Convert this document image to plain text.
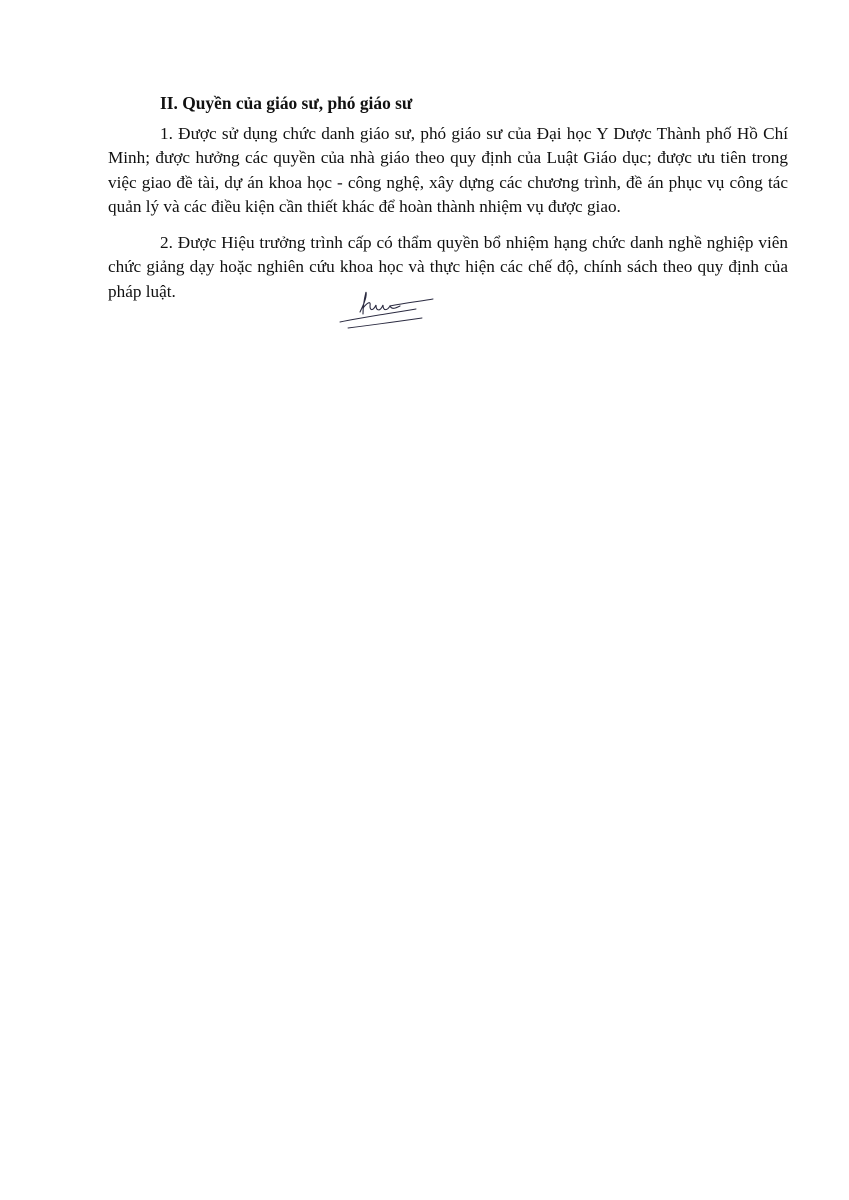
II. Quyền của giáo sư, phó giáo sư

1. Được sử dụng chức danh giáo sư, phó giáo sư của Đại học Y Dược Thành phố Hồ Chí Minh; được hưởng các quyền của nhà giáo theo quy định của Luật Giáo dục; được ưu tiên trong việc giao đề tài, dự án khoa học - công nghệ, xây dựng các chương trình, đề án phục vụ công tác quản lý và các điều kiện cần thiết khác để hoàn thành nhiệm vụ được giao.

2. Được Hiệu trưởng trình cấp có thẩm quyền bổ nhiệm hạng chức danh nghề nghiệp viên chức giảng dạy hoặc nghiên cứu khoa học và thực hiện các chế độ, chính sách theo quy định của pháp luật.
